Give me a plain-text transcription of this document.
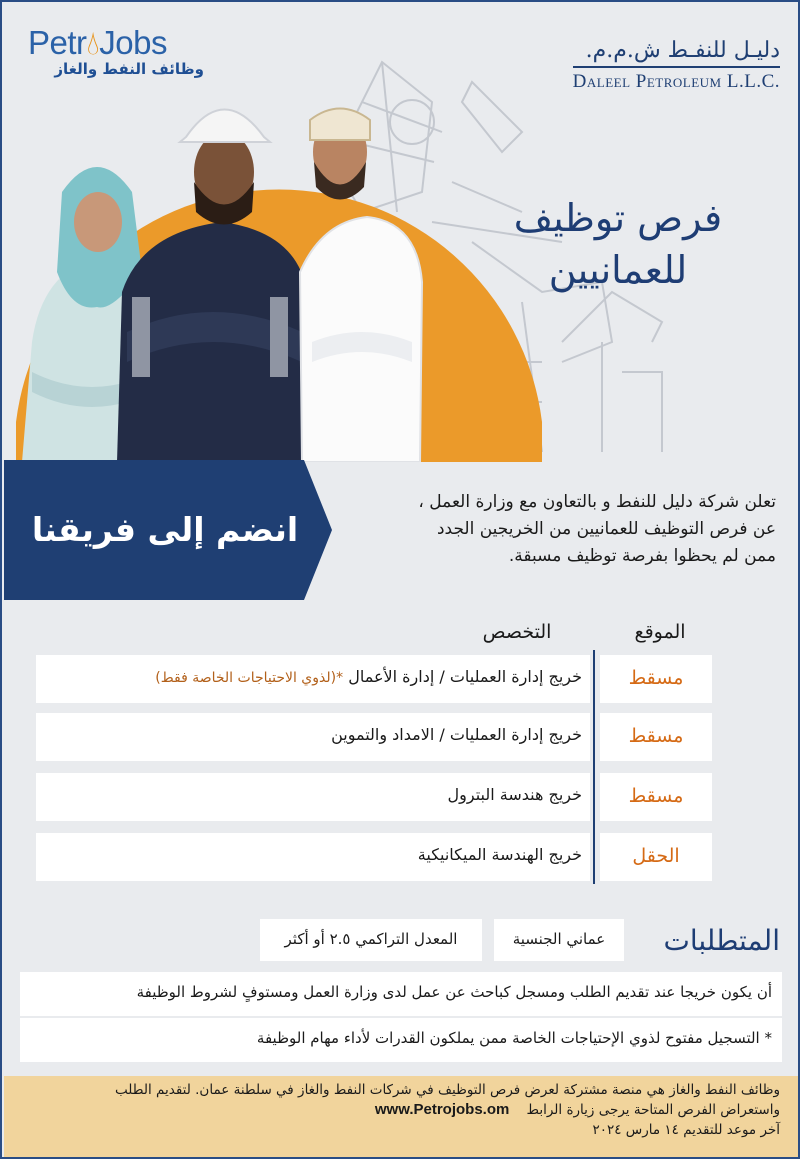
Petr💧︎Jobs
وظائف النفط والغاز
دليـل للنفـط ش.م.م.
Daleel Petroleum L.L.C.
فرص توظيف
للعمانيين
انضم إلى فريقنا
تعلن شركة دليل للنفط و بالتعاون مع وزارة العمل ،
عن فرص التوظيف للعمانيين من الخريجين الجدد
ممن لم يحظوا بفرصة توظيف مسبقة.
الموقع
التخصص
خريج إدارة العمليات / إدارة الأعمال *(لذوي الاحتياجات الخاصة فقط)	مسقط
خريج إدارة العمليات / الامداد والتموين	مسقط
خريج هندسة البترول	مسقط
خريج الهندسة الميكانيكية	الحقل
المتطلبات
عماني الجنسية
المعدل التراكمي ٢.٥ أو أكثر
أن يكون خريجا عند تقديم الطلب ومسجل كباحث عن عمل لدى وزارة العمل ومستوفٍ لشروط الوظيفة
* التسجيل مفتوح لذوي الإحتياجات الخاصة ممن يملكون القدرات لأداء مهام الوظيفة
وظائف النفط والغاز هي منصة مشتركة لعرض فرص التوظيف في شركات النفط والغاز في سلطنة عمان. لتقديم الطلب
واستعراض الفرص المتاحة يرجى زيارة الرابط    www.Petrojobs.om
آخر موعد للتقديم ١٤ مارس ٢٠٢٤
